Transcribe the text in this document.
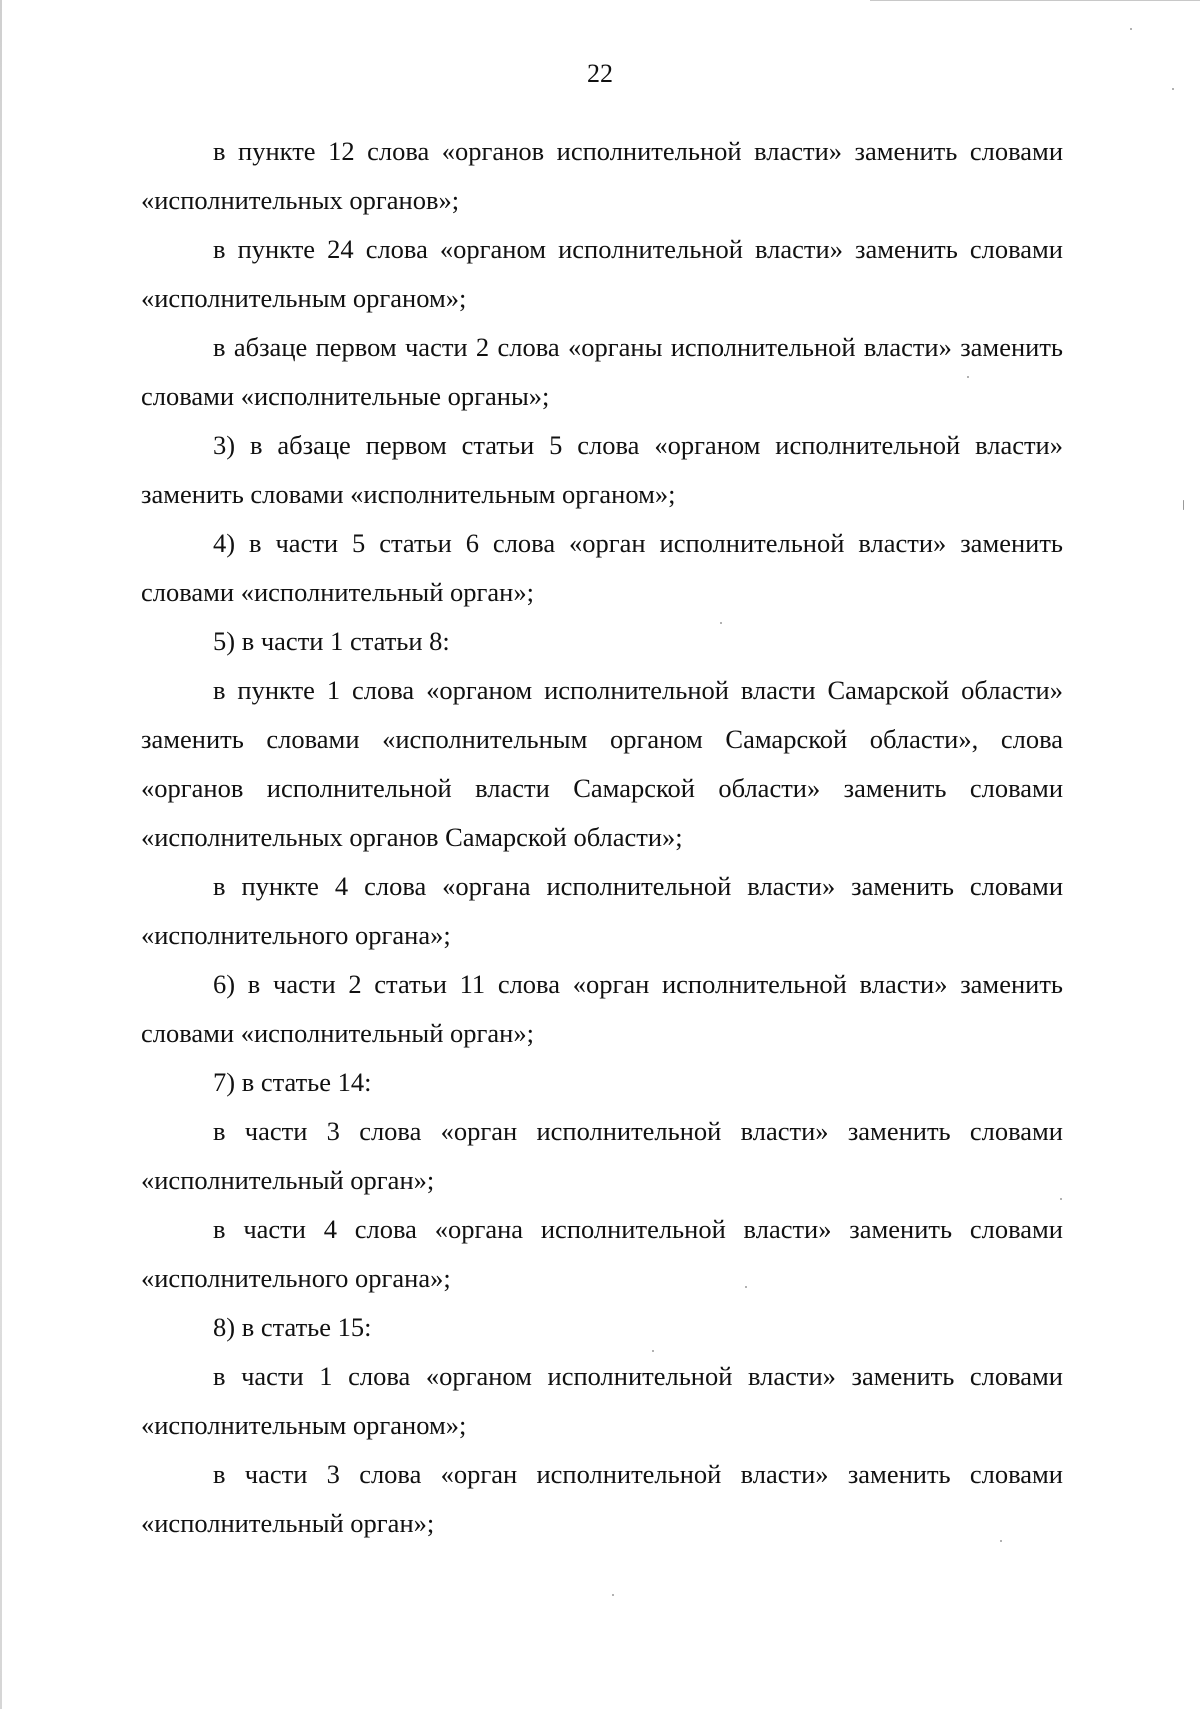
22

в пункте 12 слова «органов исполнительной власти» заменить словами «исполнительных органов»;

в пункте 24 слова «органом исполнительной власти» заменить словами «исполнительным органом»;

в абзаце первом части 2 слова «органы исполнительной власти» заменить словами «исполнительные органы»;

3) в абзаце первом статьи 5 слова «органом исполнительной власти» заменить словами «исполнительным органом»;

4) в части 5 статьи 6 слова «орган исполнительной власти» заменить словами «исполнительный орган»;

5) в части 1 статьи 8:

в пункте 1 слова «органом исполнительной власти Самарской области» заменить словами «исполнительным органом Самарской области», слова «органов исполнительной власти Самарской области» заменить словами «исполнительных органов Самарской области»;

в пункте 4 слова «органа исполнительной власти» заменить словами «исполнительного органа»;

6) в части 2 статьи 11 слова «орган исполнительной власти» заменить словами «исполнительный орган»;

7) в статье 14:

в части 3 слова «орган исполнительной власти» заменить словами «исполнительный орган»;

в части 4 слова «органа исполнительной власти» заменить словами «исполнительного органа»;

8) в статье 15:

в части 1 слова «органом исполнительной власти» заменить словами «исполнительным органом»;

в части 3 слова «орган исполнительной власти» заменить словами «исполнительный орган»;
